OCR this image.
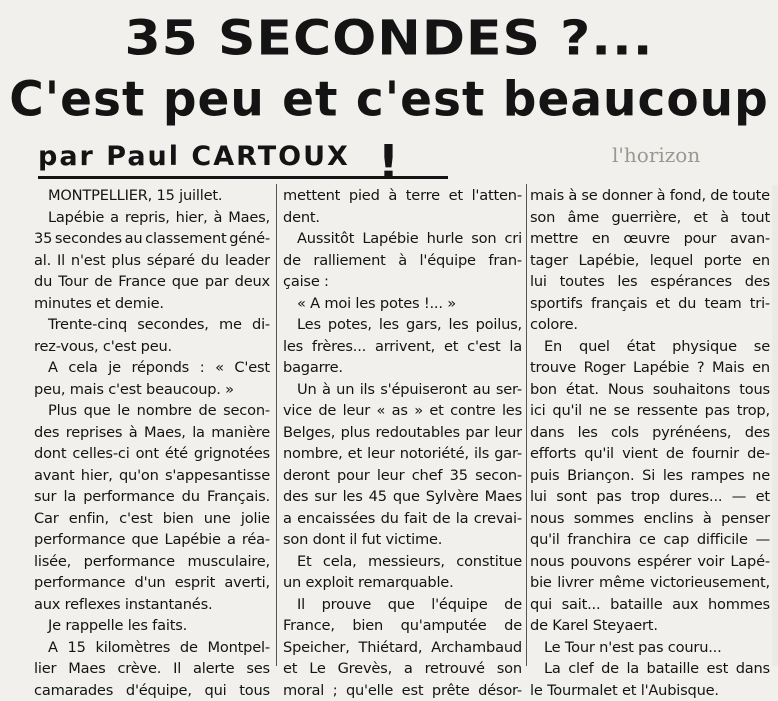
35 SECONDES ?...
C'est peu et c'est beaucoup !
par Paul CARTOUX	l'horizon
MONTPELLIER, 15 juillet.
Lapébie a repris, hier, à Maes,
35 secondes au classement géné-
al. Il n'est plus séparé du leader
du Tour de France que par deux
minutes et demie.
Trente-cinq secondes, me di-
rez-vous, c'est peu.
A cela je réponds : « C'est
peu, mais c'est beaucoup. »
Plus que le nombre de secon-
des reprises à Maes, la manière
dont celles-ci ont été grignotées
avant hier, qu'on s'appesantisse
sur la performance du Français.
Car enfin, c'est bien une jolie
performance que Lapébie a réa-
lisée, performance musculaire,
performance d'un esprit averti,
aux reflexes instantanés.
Je rappelle les faits.
A 15 kilomètres de Montpel-
lier Maes crève. Il alerte ses
camarades d'équipe, qui tous
mettent pied à terre et l'atten-
dent.
Aussitôt Lapébie hurle son cri
de ralliement à l'équipe fran-
çaise :
« A moi les potes !... »
Les potes, les gars, les poilus,
les frères... arrivent, et c'est la
bagarre.
Un à un ils s'épuiseront au ser-
vice de leur « as » et contre les
Belges, plus redoutables par leur
nombre, et leur notoriété, ils gar-
deront pour leur chef 35 secon-
des sur les 45 que Sylvère Maes
a encaissées du fait de la crevai-
son dont il fut victime.
Et cela, messieurs, constitue
un exploit remarquable.
Il prouve que l'équipe de
France, bien qu'amputée de
Speicher, Thiétard, Archambaud
et Le Grevès, a retrouvé son
moral ; qu'elle est prête désor-
mais à se donner à fond, de toute
son âme guerrière, et à tout
mettre en œuvre pour avan-
tager Lapébie, lequel porte en
lui toutes les espérances des
sportifs français et du team tri-
colore.
En quel état physique se
trouve Roger Lapébie ? Mais en
bon état. Nous souhaitons tous
ici qu'il ne se ressente pas trop,
dans les cols pyrénéens, des
efforts qu'il vient de fournir de-
puis Briançon. Si les rampes ne
lui sont pas trop dures... — et
nous sommes enclins à penser
qu'il franchira ce cap difficile —
nous pouvons espérer voir Lapé-
bie livrer même victorieusement,
qui sait... bataille aux hommes
de Karel Steyaert.
Le Tour n'est pas couru...
La clef de la bataille est dans
le Tourmalet et l'Aubisque.
